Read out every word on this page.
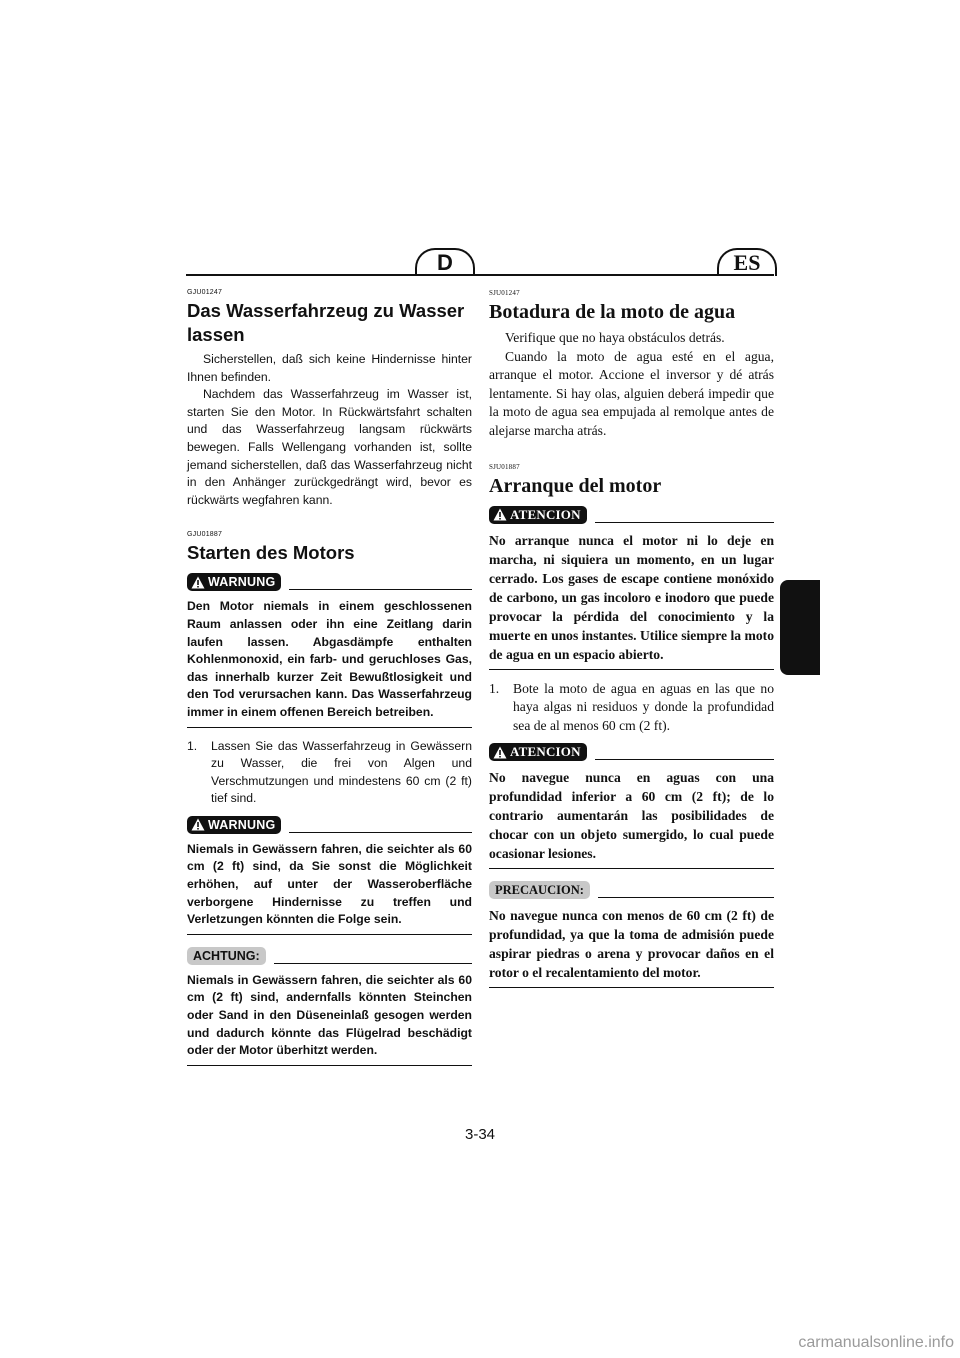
D	ES
GJU01247
Das Wasserfahrzeug zu Wasser lassen

Sicherstellen, daß sich keine Hindernisse hinter Ihnen befinden.

Nachdem das Wasserfahrzeug im Wasser ist, starten Sie den Motor. In Rückwärtsfahrt schalten und das Wasserfahrzeug langsam rückwärts bewegen. Falls Wellengang vorhanden ist, sollte jemand sicherstellen, daß das Wasserfahrzeug nicht in den Anhänger zurückgedrängt wird, bevor es rückwärts wegfahren kann.

GJU01887
Starten des Motors
WARNUNG

Den Motor niemals in einem geschlossenen Raum anlassen oder ihn eine Zeitlang darin laufen lassen. Abgasdämpfe enthalten Kohlenmonoxid, ein farb- und geruchloses Gas, das innerhalb kurzer Zeit Bewußtlosigkeit und den Tod verursachen kann. Das Wasserfahrzeug immer in einem offenen Bereich betreiben.

1.	Lassen Sie das Wasserfahrzeug in Gewässern zu Wasser, die frei von Algen und Verschmutzungen und mindestens 60 cm (2 ft) tief sind.
WARNUNG

Niemals in Gewässern fahren, die seichter als 60 cm (2 ft) sind, da Sie sonst die Möglichkeit erhöhen, auf unter der Wasseroberfläche verborgene Hindernisse zu treffen und Verletzungen könnten die Folge sein.

ACHTUNG:

Niemals in Gewässern fahren, die seichter als 60 cm (2 ft) sind, andernfalls könnten Steinchen oder Sand in den Düseneinlaß gesogen werden und dadurch könnte das Flügelrad beschädigt oder der Motor überhitzt werden.

SJU01247
Botadura de la moto de agua

Verifique que no haya obstáculos detrás.

Cuando la moto de agua esté en el agua, arranque el motor. Accione el inversor y dé atrás lentamente. Si hay olas, alguien deberá impedir que la moto de agua sea empujada al remolque antes de alejarse marcha atrás.

SJU01887
Arranque del motor
ATENCION

No arranque nunca el motor ni lo deje en marcha, ni siquiera un momento, en un lugar cerrado. Los gases de escape contiene monóxido de carbono, un gas incoloro e inodoro que puede provocar la pérdida del conocimiento y la muerte en unos instantes. Utilice siempre la moto de agua en un espacio abierto.

1.	Bote la moto de agua en aguas en las que no haya algas ni residuos y donde la profundidad sea de al menos 60 cm (2 ft).
ATENCION

No navegue nunca en aguas con una profundidad inferior a 60 cm (2 ft); de lo contrario aumentarán las posibilidades de chocar con un objeto sumergido, lo cual puede ocasionar lesiones.

PRECAUCION:

No navegue nunca con menos de 60 cm (2 ft) de profundidad, ya que la toma de admisión puede aspirar piedras o arena y provocar daños en el rotor o el recalentamiento del motor.

3-34
carmanualsonline.info
